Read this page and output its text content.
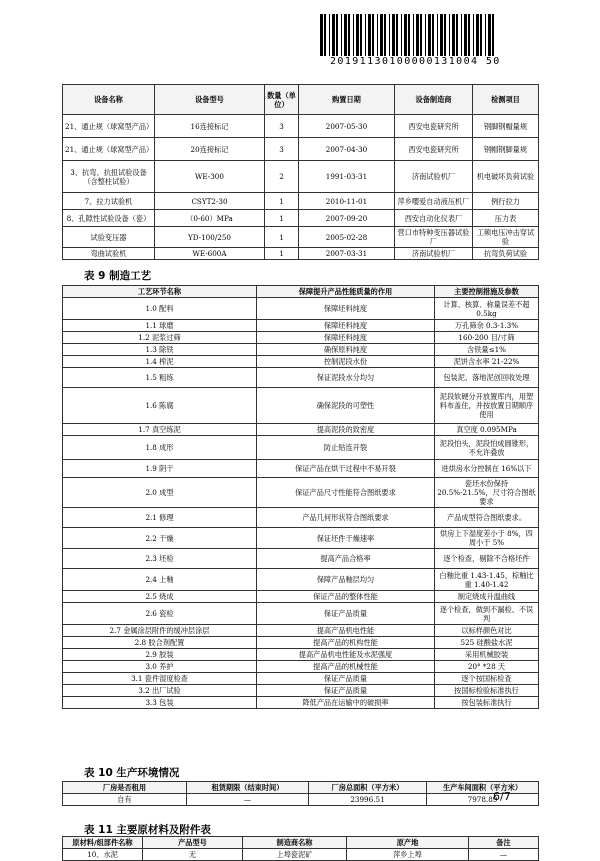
20191130100000131004 50
设备名称	设备型号	数量（单位）	购置日期	设备制造商	检测项目
21、通止规（球窝型产品）	16连接标记	3	2007-05-30	西安电瓷研究所	钢脚钢帽量规
21、通止规（球窝型产品）	20连接标记	3	2007-04-30	西安电瓷研究所	钢帽钢脚量规
3、抗弯、抗扭试验设备（含整柱试验）	WE-300	2	1991-03-31	济南试验机厂	机电破坏负荷试验
7、拉力试验机	CSYT2-30	1	2010-11-01	萍乡嘤爱自动液压机厂	例行拉力
8、孔隙性试验设备（瓷）	（0-60）MPa	1	2007-09-20	西安自动化仪表厂	压力表
试验变压器	YD-100/250	1	2005-02-28	营口市特种变压器试验厂	工频电压冲击穿试验
弯曲试验机	WE-600A	1	2007-03-31	济南试验机厂	抗弯负荷试验
表 9 制造工艺
工艺环节名称	保障提升产品性能质量的作用	主要控制措施及参数
1.0 配料	保障坯料纯度	计算、核算、称量误差不超 0.5kg
1.1 球磨	保障坯料纯度	万孔筛余 0.3-1.3%
1.2 泥浆过筛	保障坯料纯度	160-200 目/寸筛
1.3 除铁	确保原料纯度	含铁量≤1%
1.4 榨泥	控制泥段水份	泥饼含水率 21-22%
1.5 粗练	保证泥段水分均匀	包装泥、落地泥创回收处理
1.6 陈腐	确保泥段的可塑性	泥段软硬分开放置库内，用塑料布盖住，并按放置日期顺序使用
1.7 真空练泥	提高泥段的致密度	真空度 0.095MPa
1.8 成形	防止贴连开裂	泥段怕头，泥段怕成圆锥形，不允许叠放
1.9 阴干	保证产品在烘干过程中不易开裂	进烘房水分控制在 16%以下
2.0 成型	保证产品尺寸性能符合图纸要求	瓷坯水份保持 20.5%-21.5%，尺寸符合图纸要求
2.1 修理	产品几何形状符合图纸要求	产品成型符合图纸要求。
2.2 干燥	保证坯件干燥速率	烘房上下湿度差小于 8%，四周小于 5%
2.3 坯检	提高产品合格率	逐个检查，剔除不合格坯件
2.4 上釉	保障产品釉层均匀	白釉比重 1.43-1.45，棕釉比重 1.40-1.42
2.5 烧成	保证产品的整体性能	制定烧成升温曲线
2.6 瓷检	保证产品质量	逐个检查，做到不漏检、不误判
2.7 金属涂层附件的缓冲层涂层	提高产品机电性能	以标样颜色对比
2.8 胶合剂配置	提高产品的机构性能	525 硅酸盐水泥
2.9 胶装	提高产品机电性能及水泥强度	采用机械胶装
3.0 养护	提高产品的机械性能	20° *28 天
3.1 瓷件湿度检查	保证产品质量	逐个按国标检查
3.2 出厂试验	保证产品质量	按国标检验标准执行
3.3 包装	降低产品在运输中的破损率	按包装标准执行
表 10 生产环境情况
厂房是否租用	租赁期限（结束时间）	厂房总面积（平方米）	生产车间面积（平方米）
自有	—	23996.51	7978.89
6/7
表 11 主要原材料及附件表
原材料/组部件名称	产品型号	制造商名称	原产地	备注
10、水泥	无	上埠瓷泥矿	萍乡上埠	—
